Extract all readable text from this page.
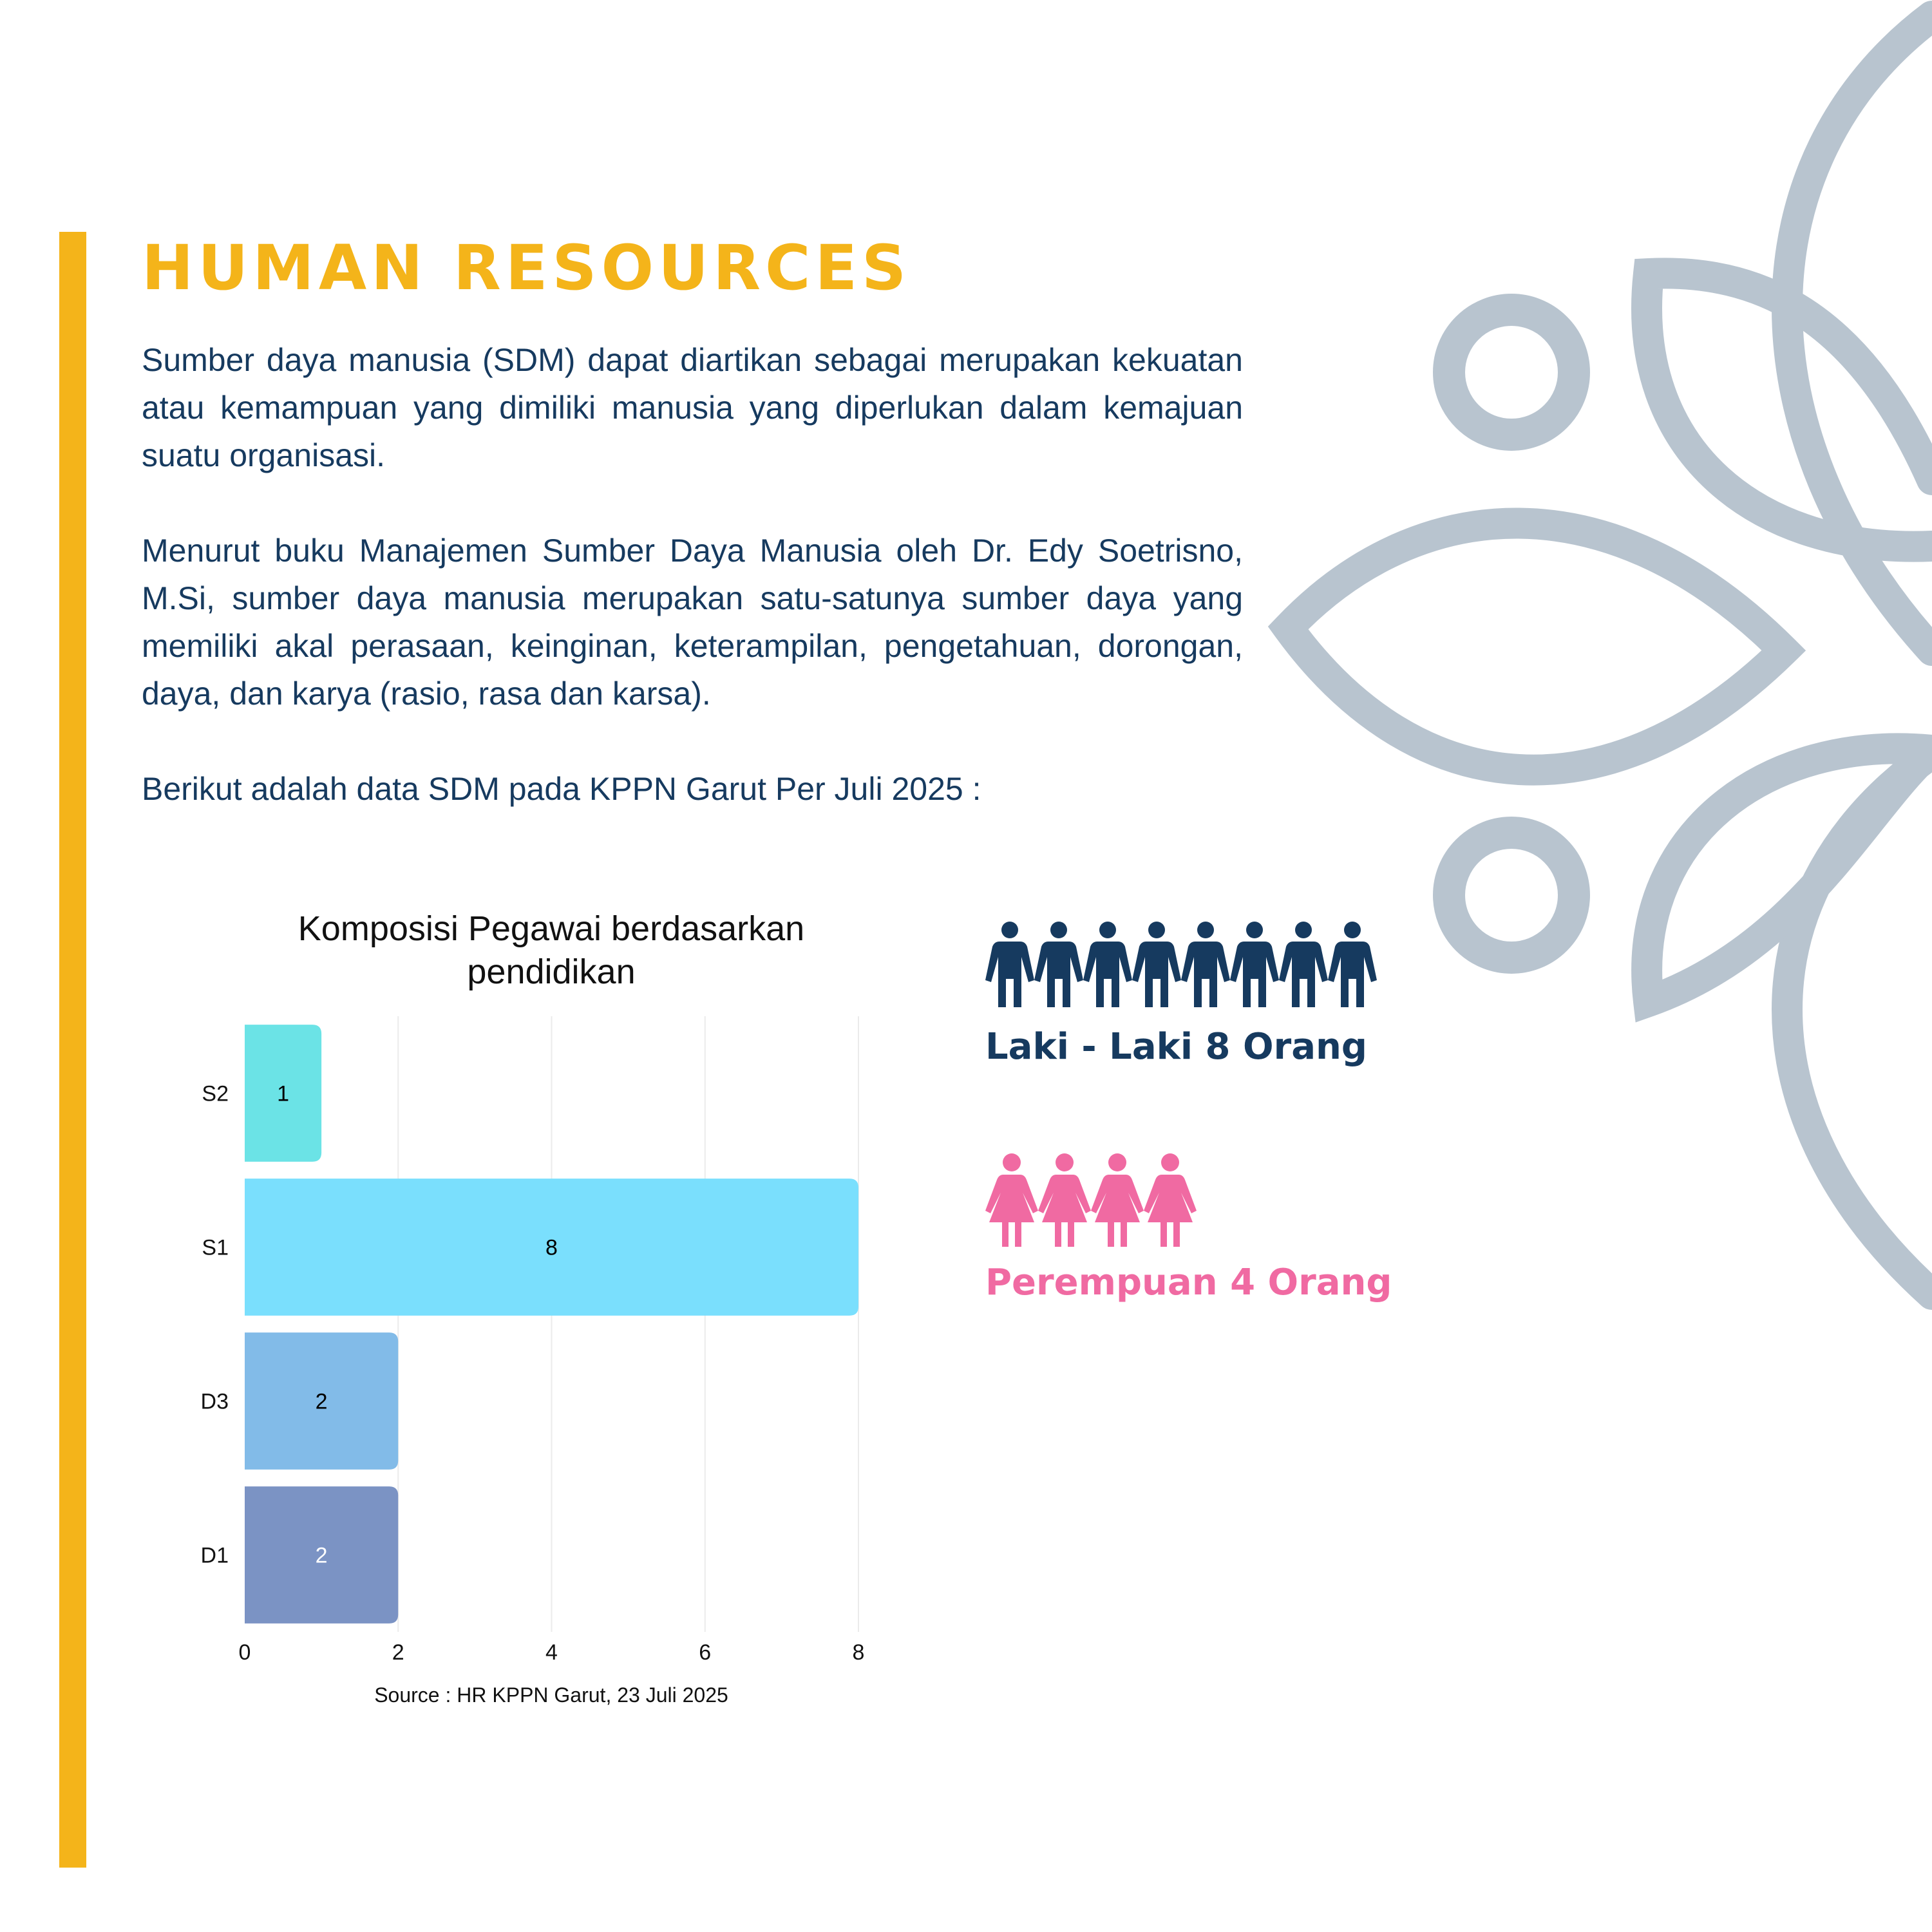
HUMAN RESOURCES

Sumber daya manusia (SDM) dapat diartikan sebagai merupakan kekuatan atau kemampuan yang dimiliki manusia yang diperlukan dalam kemajuan suatu organisasi.

Menurut buku Manajemen Sumber Daya Manusia oleh Dr. Edy Soetrisno, M.Si, sumber daya manusia merupakan satu-satunya sumber daya yang memiliki akal perasaan, keinginan, keterampilan, pengetahuan, dorongan, daya, dan karya (rasio, rasa dan karsa).

Berikut adalah data SDM pada KPPN Garut Per Juli 2025 :

Komposisi Pegawai berdasarkan
pendidikan
1
S2
8
S1
2
D3
2
D1
0	2	4	6	8
Source : HR KPPN Garut, 23 Juli 2025
Laki - Laki 8 Orang
Perempuan 4 Orang
